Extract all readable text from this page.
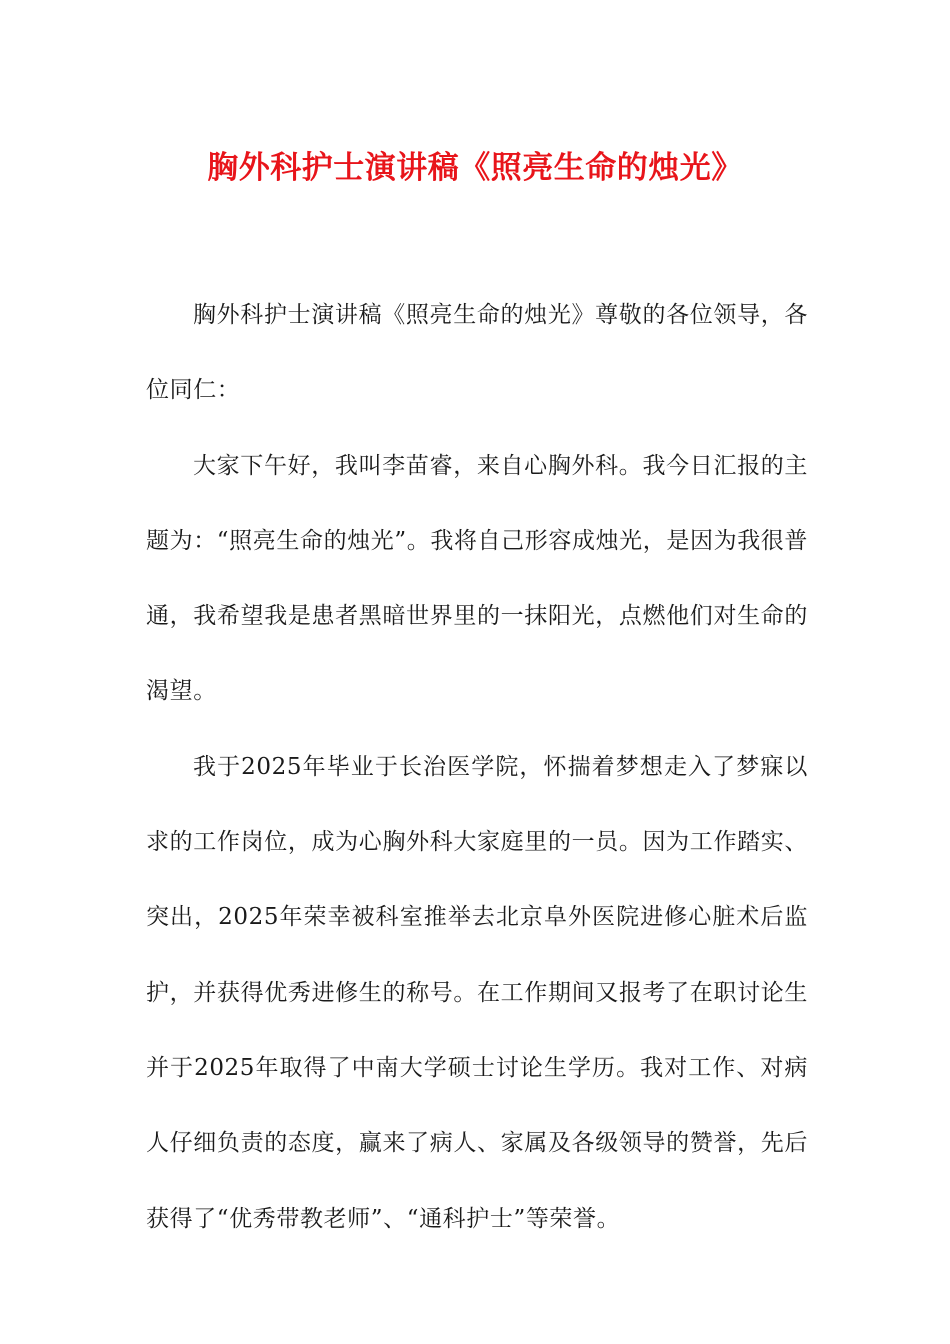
胸外科护士演讲稿《照亮生命的烛光》

胸外科护士演讲稿《照亮生命的烛光》尊敬的各位领导，各位同仁：

大家下午好，我叫李苗睿，来自心胸外科。我今日汇报的主题为：“照亮生命的烛光”。我将自己形容成烛光，是因为我很普通，我希望我是患者黑暗世界里的一抹阳光，点燃他们对生命的渴望。

我于2025年毕业于长治医学院，怀揣着梦想走入了梦寐以求的工作岗位，成为心胸外科大家庭里的一员。因为工作踏实、突出，2025年荣幸被科室推举去北京阜外医院进修心脏术后监护，并获得优秀进修生的称号。在工作期间又报考了在职讨论生并于2025年取得了中南大学硕士讨论生学历。我对工作、对病人仔细负责的态度，赢来了病人、家属及各级领导的赞誉，先后获得了“优秀带教老师”、“通科护士”等荣誉。
